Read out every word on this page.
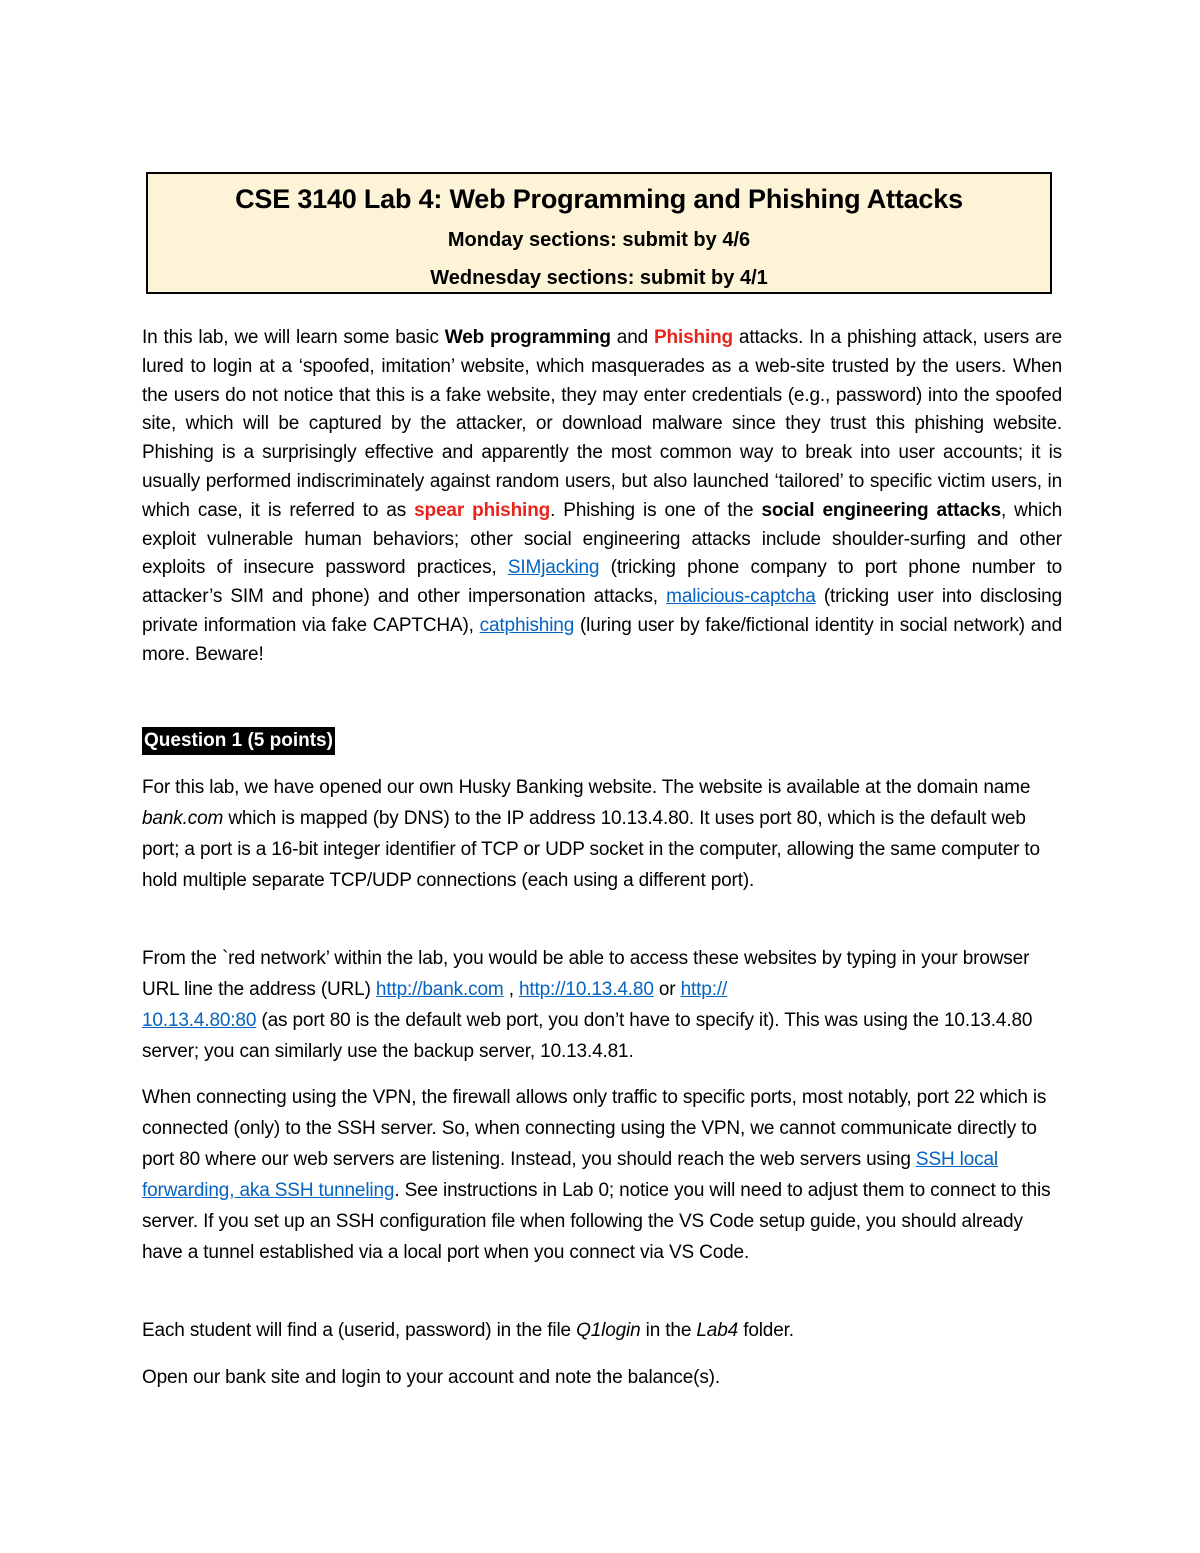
CSE 3140 Lab 4: Web Programming and Phishing Attacks
Monday sections: submit by 4/6
Wednesday sections: submit by 4/1
In this lab, we will learn some basic Web programming and Phishing attacks. In a phishing attack, users are lured to login at a ‘spoofed, imitation’ website, which masquerades as a web-site trusted by the users. When the users do not notice that this is a fake website, they may enter credentials (e.g., password) into the spoofed site, which will be captured by the attacker, or download malware since they trust this phishing website. Phishing is a surprisingly effective and apparently the most common way to break into user accounts; it is usually performed indiscriminately against random users, but also launched ‘tailored’ to specific victim users, in which case, it is referred to as spear phishing. Phishing is one of the social engineering attacks, which exploit vulnerable human behaviors; other social engineering attacks include shoulder-surfing and other exploits of insecure password practices, SIMjacking (tricking phone company to port phone number to attacker’s SIM and phone) and other impersonation attacks, malicious-captcha (tricking user into disclosing private information via fake CAPTCHA), catphishing (luring user by fake/fictional identity in social network) and more. Beware!
Question 1 (5 points)
For this lab, we have opened our own Husky Banking website. The website is available at the domain name bank.com which is mapped (by DNS) to the IP address 10.13.4.80. It uses port 80, which is the default web port; a port is a 16-bit integer identifier of TCP or UDP socket in the computer, allowing the same computer to hold multiple separate TCP/UDP connections (each using a different port).
From the `red network’ within the lab, you would be able to access these websites by typing in your browser URL line the address (URL) http://bank.com , http://10.13.4.80 or http://
10.13.4.80:80 (as port 80 is the default web port, you don’t have to specify it). This was using the 10.13.4.80 server; you can similarly use the backup server, 10.13.4.81.
When connecting using the VPN, the firewall allows only traffic to specific ports, most notably, port 22 which is connected (only) to the SSH server. So, when connecting using the VPN, we cannot communicate directly to port 80 where our web servers are listening. Instead, you should reach the web servers using SSH local forwarding, aka SSH tunneling. See instructions in Lab 0; notice you will need to adjust them to connect to this server. If you set up an SSH configuration file when following the VS Code setup guide, you should already have a tunnel established via a local port when you connect via VS Code.
Each student will find a (userid, password) in the file Q1login in the Lab4 folder.
Open our bank site and login to your account and note the balance(s).
